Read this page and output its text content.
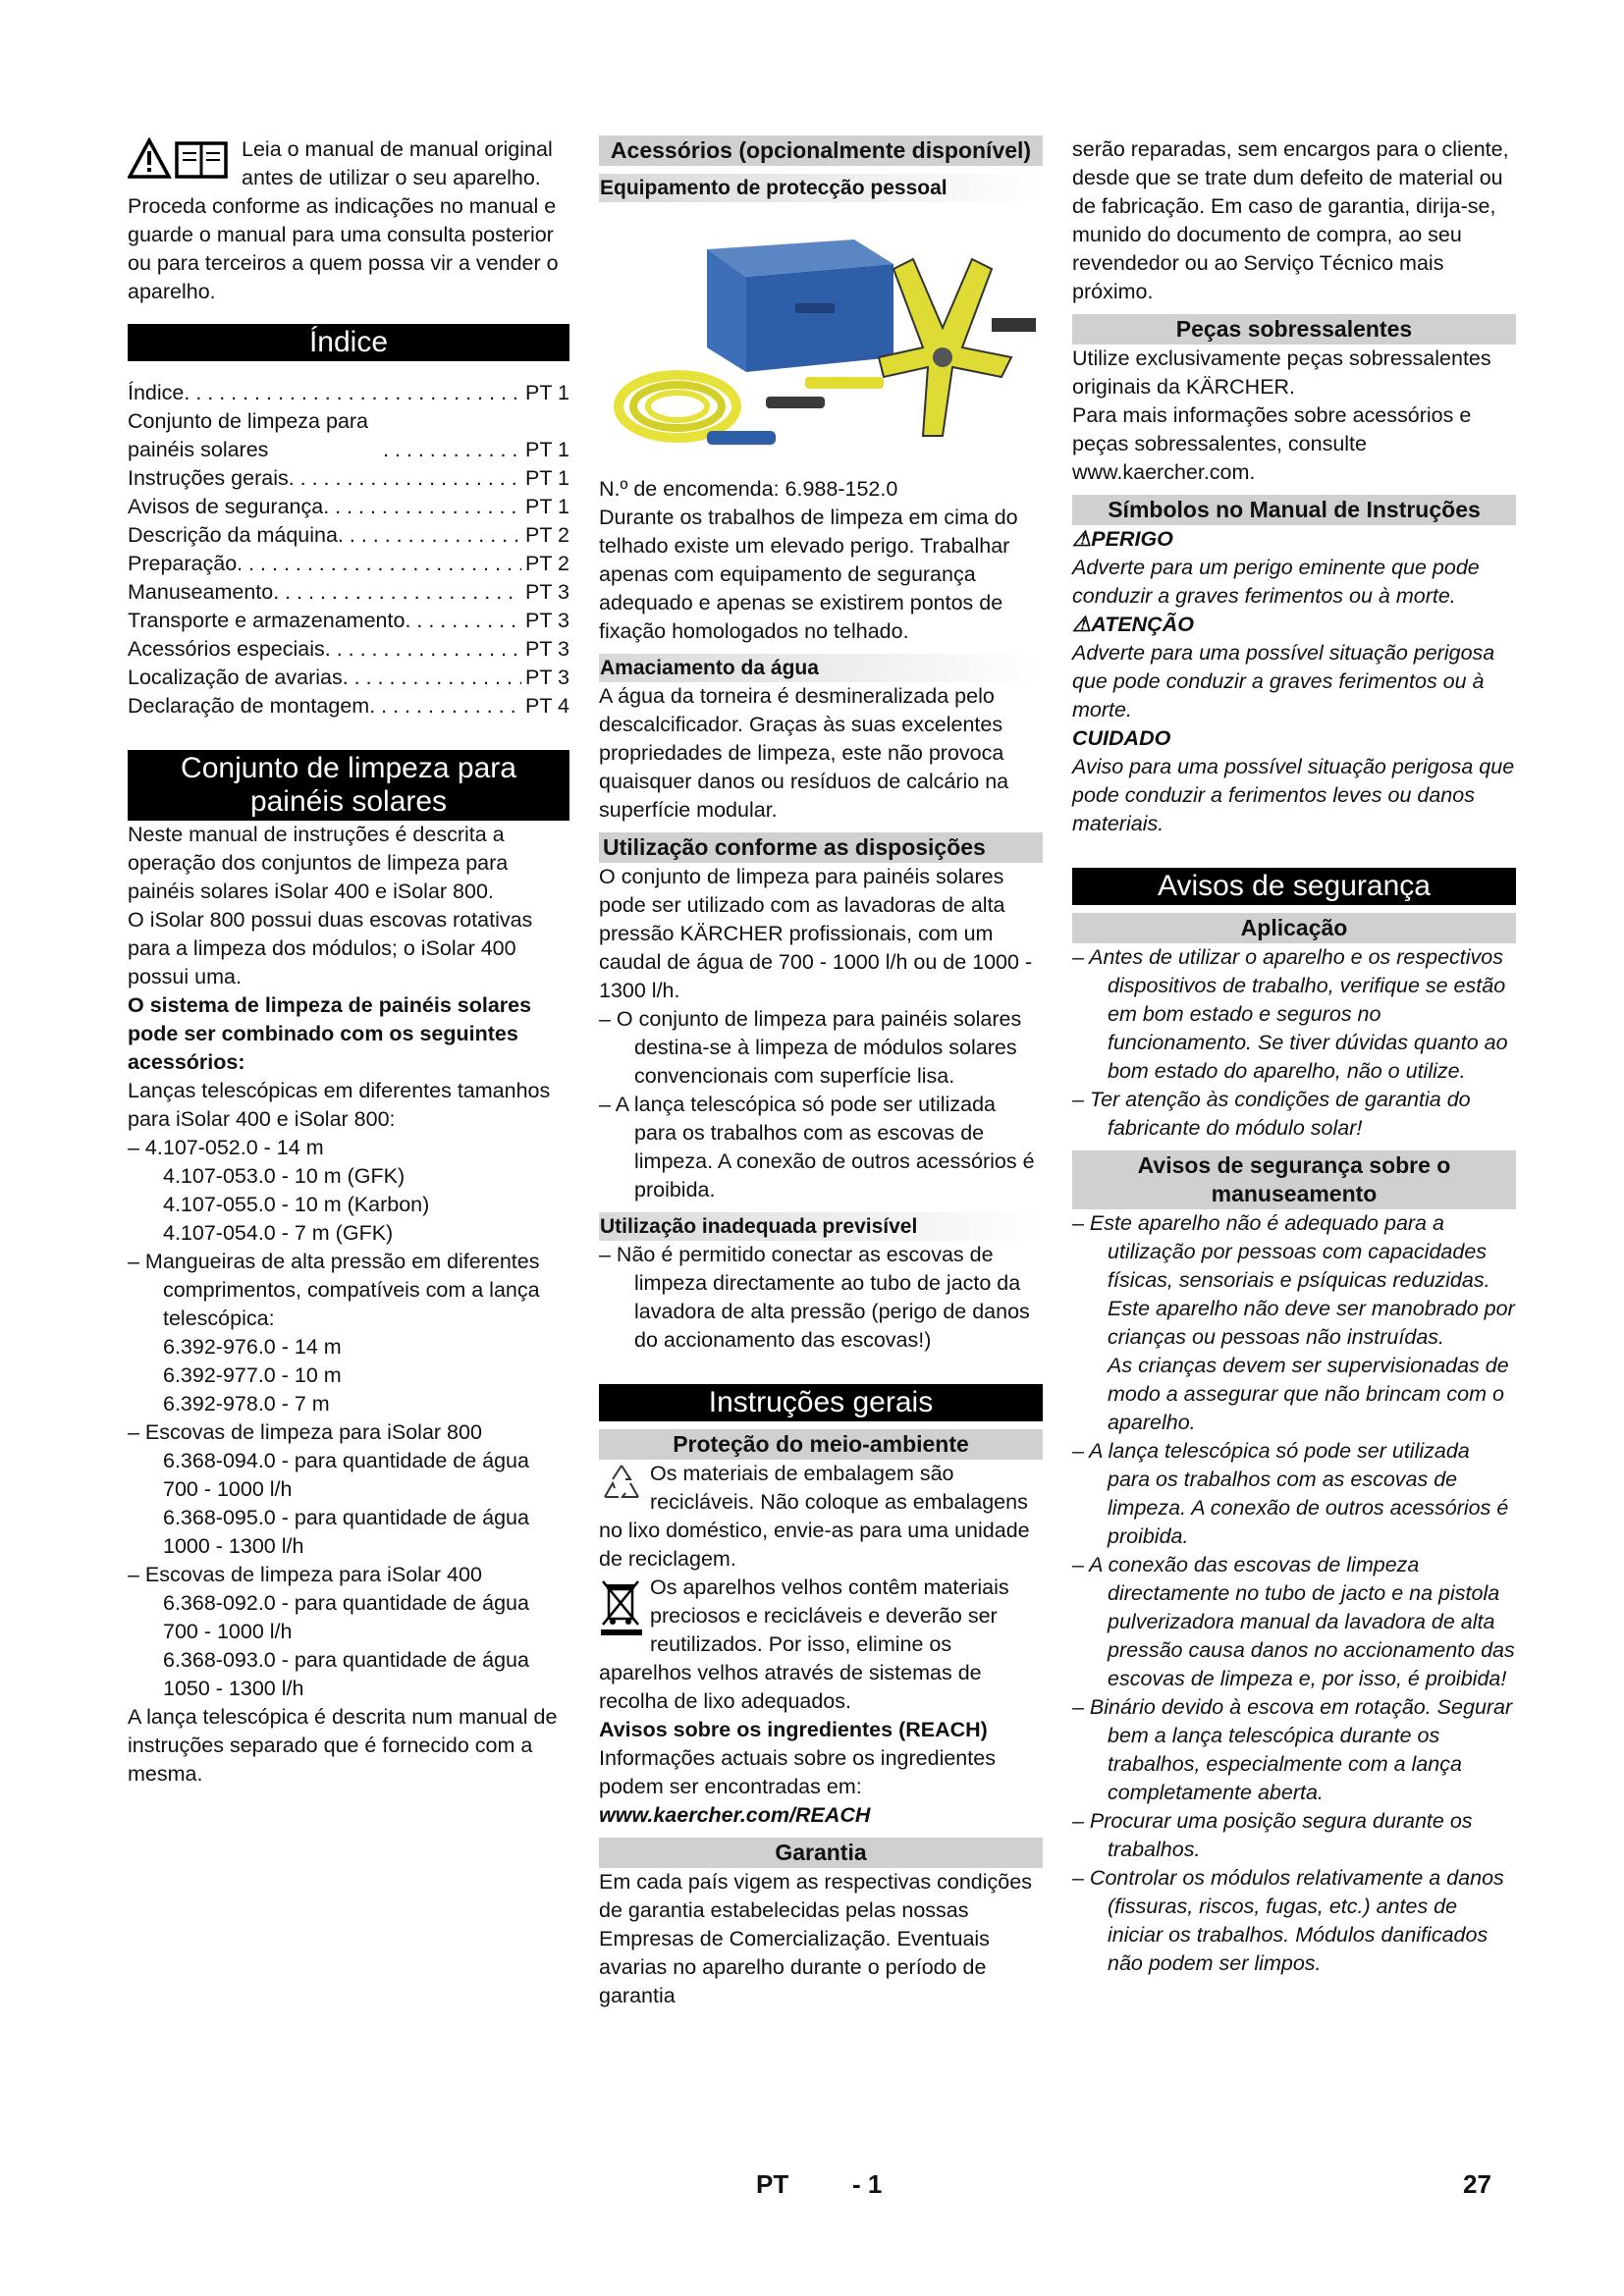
Leia o manual de manual original antes de utilizar o seu aparelho. Proceda conforme as indicações no manual e guarde o manual para uma consulta posterior ou para terceiros a quem possa vir a vender o aparelho.

Índice
Índice . . .	PT 1
Conjunto de limpeza para painéis solares . . .	PT 1
Instruções gerais . . .	PT 1
Avisos de segurança . . .	PT 1
Descrição da máquina . . .	PT 2
Preparação . . .	PT 2
Manuseamento . . .	PT 3
Transporte e armazenamento . . .	PT 3
Acessórios especiais . . .	PT 3
Localização de avarias . . .	PT 3
Declaração de montagem . . .	PT 4
Conjunto de limpeza para painéis solares

Neste manual de instruções é descrita a operação dos conjuntos de limpeza para painéis solares iSolar 400 e iSolar 800.

O iSolar 800 possui duas escovas rotativas para a limpeza dos módulos; o iSolar 400 possui uma.

O sistema de limpeza de painéis solares pode ser combinado com os seguintes acessórios:

Lanças telescópicas em diferentes tamanhos para iSolar 400 e iSolar 800:

– 4.107-052.0 - 14 m

4.107-053.0 - 10 m (GFK)

4.107-055.0 - 10 m (Karbon)

4.107-054.0 - 7 m (GFK)

– Mangueiras de alta pressão em diferentes comprimentos, compatíveis com a lança telescópica:

6.392-976.0 - 14 m

6.392-977.0 - 10 m

6.392-978.0 - 7 m

– Escovas de limpeza para iSolar 800

6.368-094.0 - para quantidade de água 700 - 1000 l/h

6.368-095.0 - para quantidade de água 1000 - 1300 l/h

– Escovas de limpeza para iSolar 400

6.368-092.0 - para quantidade de água 700 - 1000 l/h

6.368-093.0 - para quantidade de água 1050 - 1300 l/h

A lança telescópica é descrita num manual de instruções separado que é fornecido com a mesma.

Acessórios (opcionalmente disponível)
Equipamento de protecção pessoal

N.º de encomenda: 6.988-152.0

Durante os trabalhos de limpeza em cima do telhado existe um elevado perigo. Trabalhar apenas com equipamento de segurança adequado e apenas se existirem pontos de fixação homologados no telhado.

Amaciamento da água

A água da torneira é desmineralizada pelo descalcificador. Graças às suas excelentes propriedades de limpeza, este não provoca quaisquer danos ou resíduos de calcário na superfície modular.

Utilização conforme as disposições

O conjunto de limpeza para painéis solares pode ser utilizado com as lavadoras de alta pressão KÄRCHER profissionais, com um caudal de água de 700 - 1000 l/h ou de 1000 - 1300 l/h.

– O conjunto de limpeza para painéis solares destina-se à limpeza de módulos solares convencionais com superfície lisa.

– A lança telescópica só pode ser utilizada para os trabalhos com as escovas de limpeza. A conexão de outros acessórios é proibida.

Utilização inadequada previsível

– Não é permitido conectar as escovas de limpeza directamente ao tubo de jacto da lavadora de alta pressão (perigo de danos do accionamento das escovas!)

Instruções gerais
Proteção do meio-ambiente

Os materiais de embalagem são recicláveis. Não coloque as embalagens no lixo doméstico, envie-as para uma unidade de reciclagem.

Os aparelhos velhos contêm materiais preciosos e recicláveis e deverão ser reutilizados. Por isso, elimine os aparelhos velhos através de sistemas de recolha de lixo adequados.

Avisos sobre os ingredientes (REACH)

Informações actuais sobre os ingredientes podem ser encontradas em:

www.kaercher.com/REACH

Garantia

Em cada país vigem as respectivas condições de garantia estabelecidas pelas nossas Empresas de Comercialização. Eventuais avarias no aparelho durante o período de garantia

serão reparadas, sem encargos para o cliente, desde que se trate dum defeito de material ou de fabricação. Em caso de garantia, dirija-se, munido do documento de compra, ao seu revendedor ou ao Serviço Técnico mais próximo.

Peças sobressalentes

Utilize exclusivamente peças sobressalentes originais da KÄRCHER.

Para mais informações sobre acessórios e peças sobressalentes, consulte www.kaercher.com.

Símbolos no Manual de Instruções

⚠PERIGO

Adverte para um perigo eminente que pode conduzir a graves ferimentos ou à morte.

⚠ATENÇÃO

Adverte para uma possível situação perigosa que pode conduzir a graves ferimentos ou à morte.

CUIDADO

Aviso para uma possível situação perigosa que pode conduzir a ferimentos leves ou danos materiais.

Avisos de segurança
Aplicação

– Antes de utilizar o aparelho e os respectivos dispositivos de trabalho, verifique se estão em bom estado e seguros no funcionamento. Se tiver dúvidas quanto ao bom estado do aparelho, não o utilize.

– Ter atenção às condições de garantia do fabricante do módulo solar!

Avisos de segurança sobre o manuseamento

– Este aparelho não é adequado para a utilização por pessoas com capacidades físicas, sensoriais e psíquicas reduzidas.

Este aparelho não deve ser manobrado por crianças ou pessoas não instruídas.

As crianças devem ser supervisionadas de modo a assegurar que não brincam com o aparelho.

– A lança telescópica só pode ser utilizada para os trabalhos com as escovas de limpeza. A conexão de outros acessórios é proibida.

– A conexão das escovas de limpeza directamente no tubo de jacto e na pistola pulverizadora manual da lavadora de alta pressão causa danos no accionamento das escovas de limpeza e, por isso, é proibida!

– Binário devido à escova em rotação. Segurar bem a lança telescópica durante os trabalhos, especialmente com a lança completamente aberta.

– Procurar uma posição segura durante os trabalhos.

– Controlar os módulos relativamente a danos (fissuras, riscos, fugas, etc.) antes de iniciar os trabalhos. Módulos danificados não podem ser limpos.

PT - 1	27
